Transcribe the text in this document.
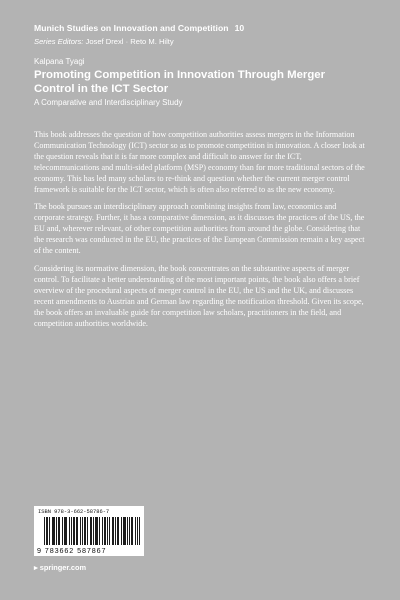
Munich Studies on Innovation and Competition 10
Series Editors: Josef Drexl · Reto M. Hilty
Kalpana Tyagi
Promoting Competition in Innovation Through Merger Control in the ICT Sector
A Comparative and Interdisciplinary Study

This book addresses the question of how competition authorities assess mergers in the Information Communication Technology (ICT) sector so as to promote competition in innovation. A closer look at the question reveals that it is far more complex and difficult to answer for the ICT, telecommunications and multi-sided platform (MSP) economy than for more traditional sectors of the economy. This has led many scholars to re-think and question whether the current merger control framework is suitable for the ICT sector, which is often also referred to as the new economy.

The book pursues an interdisciplinary approach combining insights from law, economics and corporate strategy. Further, it has a comparative dimension, as it discusses the practices of the US, the EU and, wherever relevant, of other competition authorities from around the globe. Considering that the research was conducted in the EU, the practices of the European Commission remain a key aspect of the content.

Considering its normative dimension, the book concentrates on the substantive aspects of merger control. To facilitate a better understanding of the most important points, the book also offers a brief overview of the procedural aspects of merger control in the EU, the US and the UK, and discusses recent amendments to Austrian and German law regarding the notification threshold. Given its scope, the book offers an invaluable guide for competition law scholars, practitioners in the field, and competition authorities worldwide.

ISBN 978-3-662-58786-7
9 783662 587867
▸ springer.com
